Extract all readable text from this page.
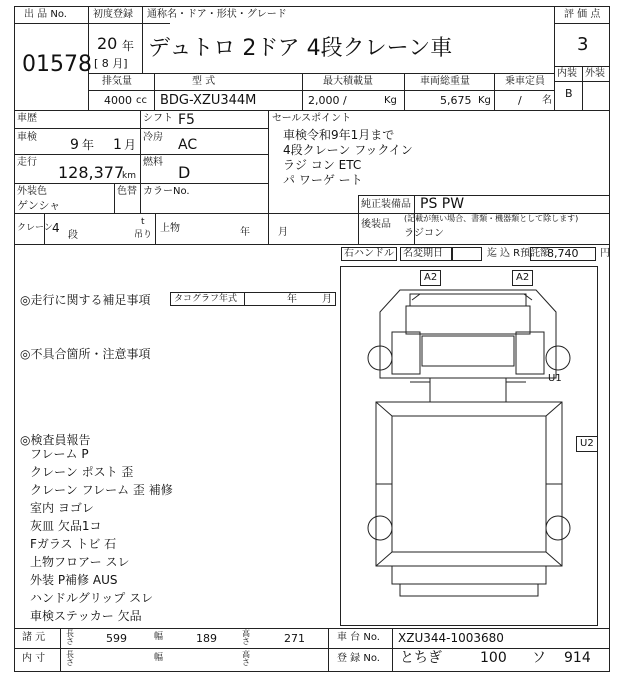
出 品 No.
01578
初度登録
20 年
[ 8 月]
通称名・ドア・形状・グレード
デュトロ 2ドア 4段クレーン車
評 価 点
3
内装 外装
B
排気量	型 式	最大積載量	車両総重量	乗車定員
4000 cc BDG-XZU344M	2,000 /	Kg	5,675 Kg / 名
車歴	シフト F5
車検 9 年 1 月
冷房 AC
走行
128,377
km
燃料
D
外装色
ゲンシャ
色替 カラーNo.
クレーン 4
段
t
吊り
上物	年	月
セールスポイント
車検令和9年1月まで
4段クレーン フックイン
ラジ コン ETC
パ ワーゲ ート
純正装備品 PS PW
後装品
(記載が無い場合、書類・機器類として除します)
ラジコン
右ハンドル 名変期日	迄 込 R預託額
8,740 円
◎走行に関する補足事項	タコグラフ年式	年	月
◎不具合箇所・注意事項
◎検査員報告
フレーム P
クレーン ポスト 歪
クレーン フレーム 歪 補修
室内 ヨゴレ
灰皿 欠品1コ
Fガラス トビ 石
上物フロアー スレ
外装 P補修 AUS
ハンドルグリップ スレ
車検ステッカー 欠品
A2	A2
U1
U2
諸 元	長さ	599	幅	189	高さ	271	車 台 No. XZU344-1003680
内 寸	長さ	幅	高さ	登 録 No. とちぎ	100 ソ 914
